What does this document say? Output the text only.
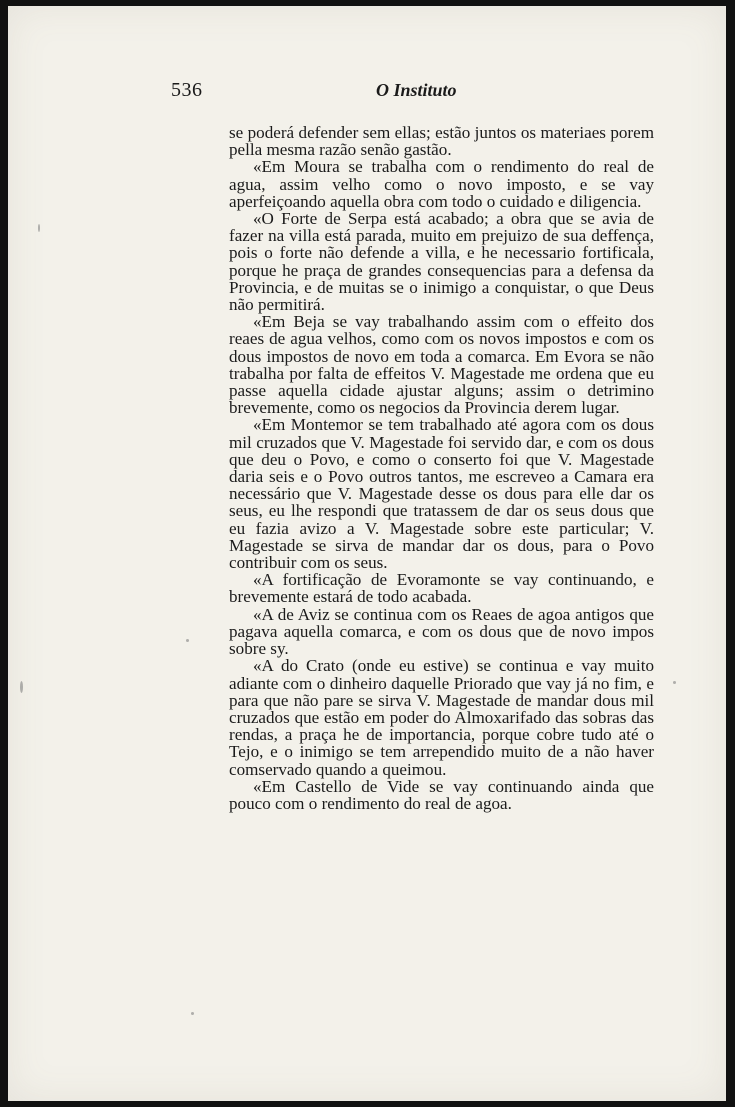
536	O Instituto

se poderá defender sem ellas; estão juntos os materiaes porem pella mesma razão senão gastão.

«Em Moura se trabalha com o rendimento do real de agua, assim velho como o novo imposto, e se vay aperfeiçoando aquella obra com todo o cuidado e diligencia.

«O Forte de Serpa está acabado; a obra que se avia de fazer na villa está parada, muito em prejuizo de sua deffença, pois o forte não defende a villa, e he necessario fortificala, porque he praça de grandes consequencias para a defensa da Provincia, e de muitas se o inimigo a conquistar, o que Deus não permitirá.

«Em Beja se vay trabalhando assim com o effeito dos reaes de agua velhos, como com os novos impostos e com os dous impostos de novo em toda a comarca. Em Evora se não trabalha por falta de effeitos V. Magestade me ordena que eu passe aquella cidade ajustar alguns; assim o detrimino brevemente, como os negocios da Provincia derem lugar.

«Em Montemor se tem trabalhado até agora com os dous mil cruzados que V. Magestade foi servido dar, e com os dous que deu o Povo, e como o conserto foi que V. Magestade daria seis e o Povo outros tantos, me escreveo a Camara era necessário que V. Magestade desse os dous para elle dar os seus, eu lhe respondi que tratassem de dar os seus dous que eu fazia avizo a V. Magestade sobre este particular; V. Magestade se sirva de mandar dar os dous, para o Povo contribuir com os seus.

«A fortificação de Evoramonte se vay continuando, e brevemente estará de todo acabada.

«A de Aviz se continua com os Reaes de agoa antigos que pagava aquella comarca, e com os dous que de novo impos sobre sy.

«A do Crato (onde eu estive) se continua e vay muito adiante com o dinheiro daquelle Priorado que vay já no fim, e para que não pare se sirva V. Magestade de mandar dous mil cruzados que estão em poder do Almoxarifado das sobras das rendas, a praça he de importancia, porque cobre tudo até o Tejo, e o inimigo se tem arrependido muito de a não haver comservado quando a queimou.

«Em Castello de Vide se vay continuando ainda que pouco com o rendimento do real de agoa.
